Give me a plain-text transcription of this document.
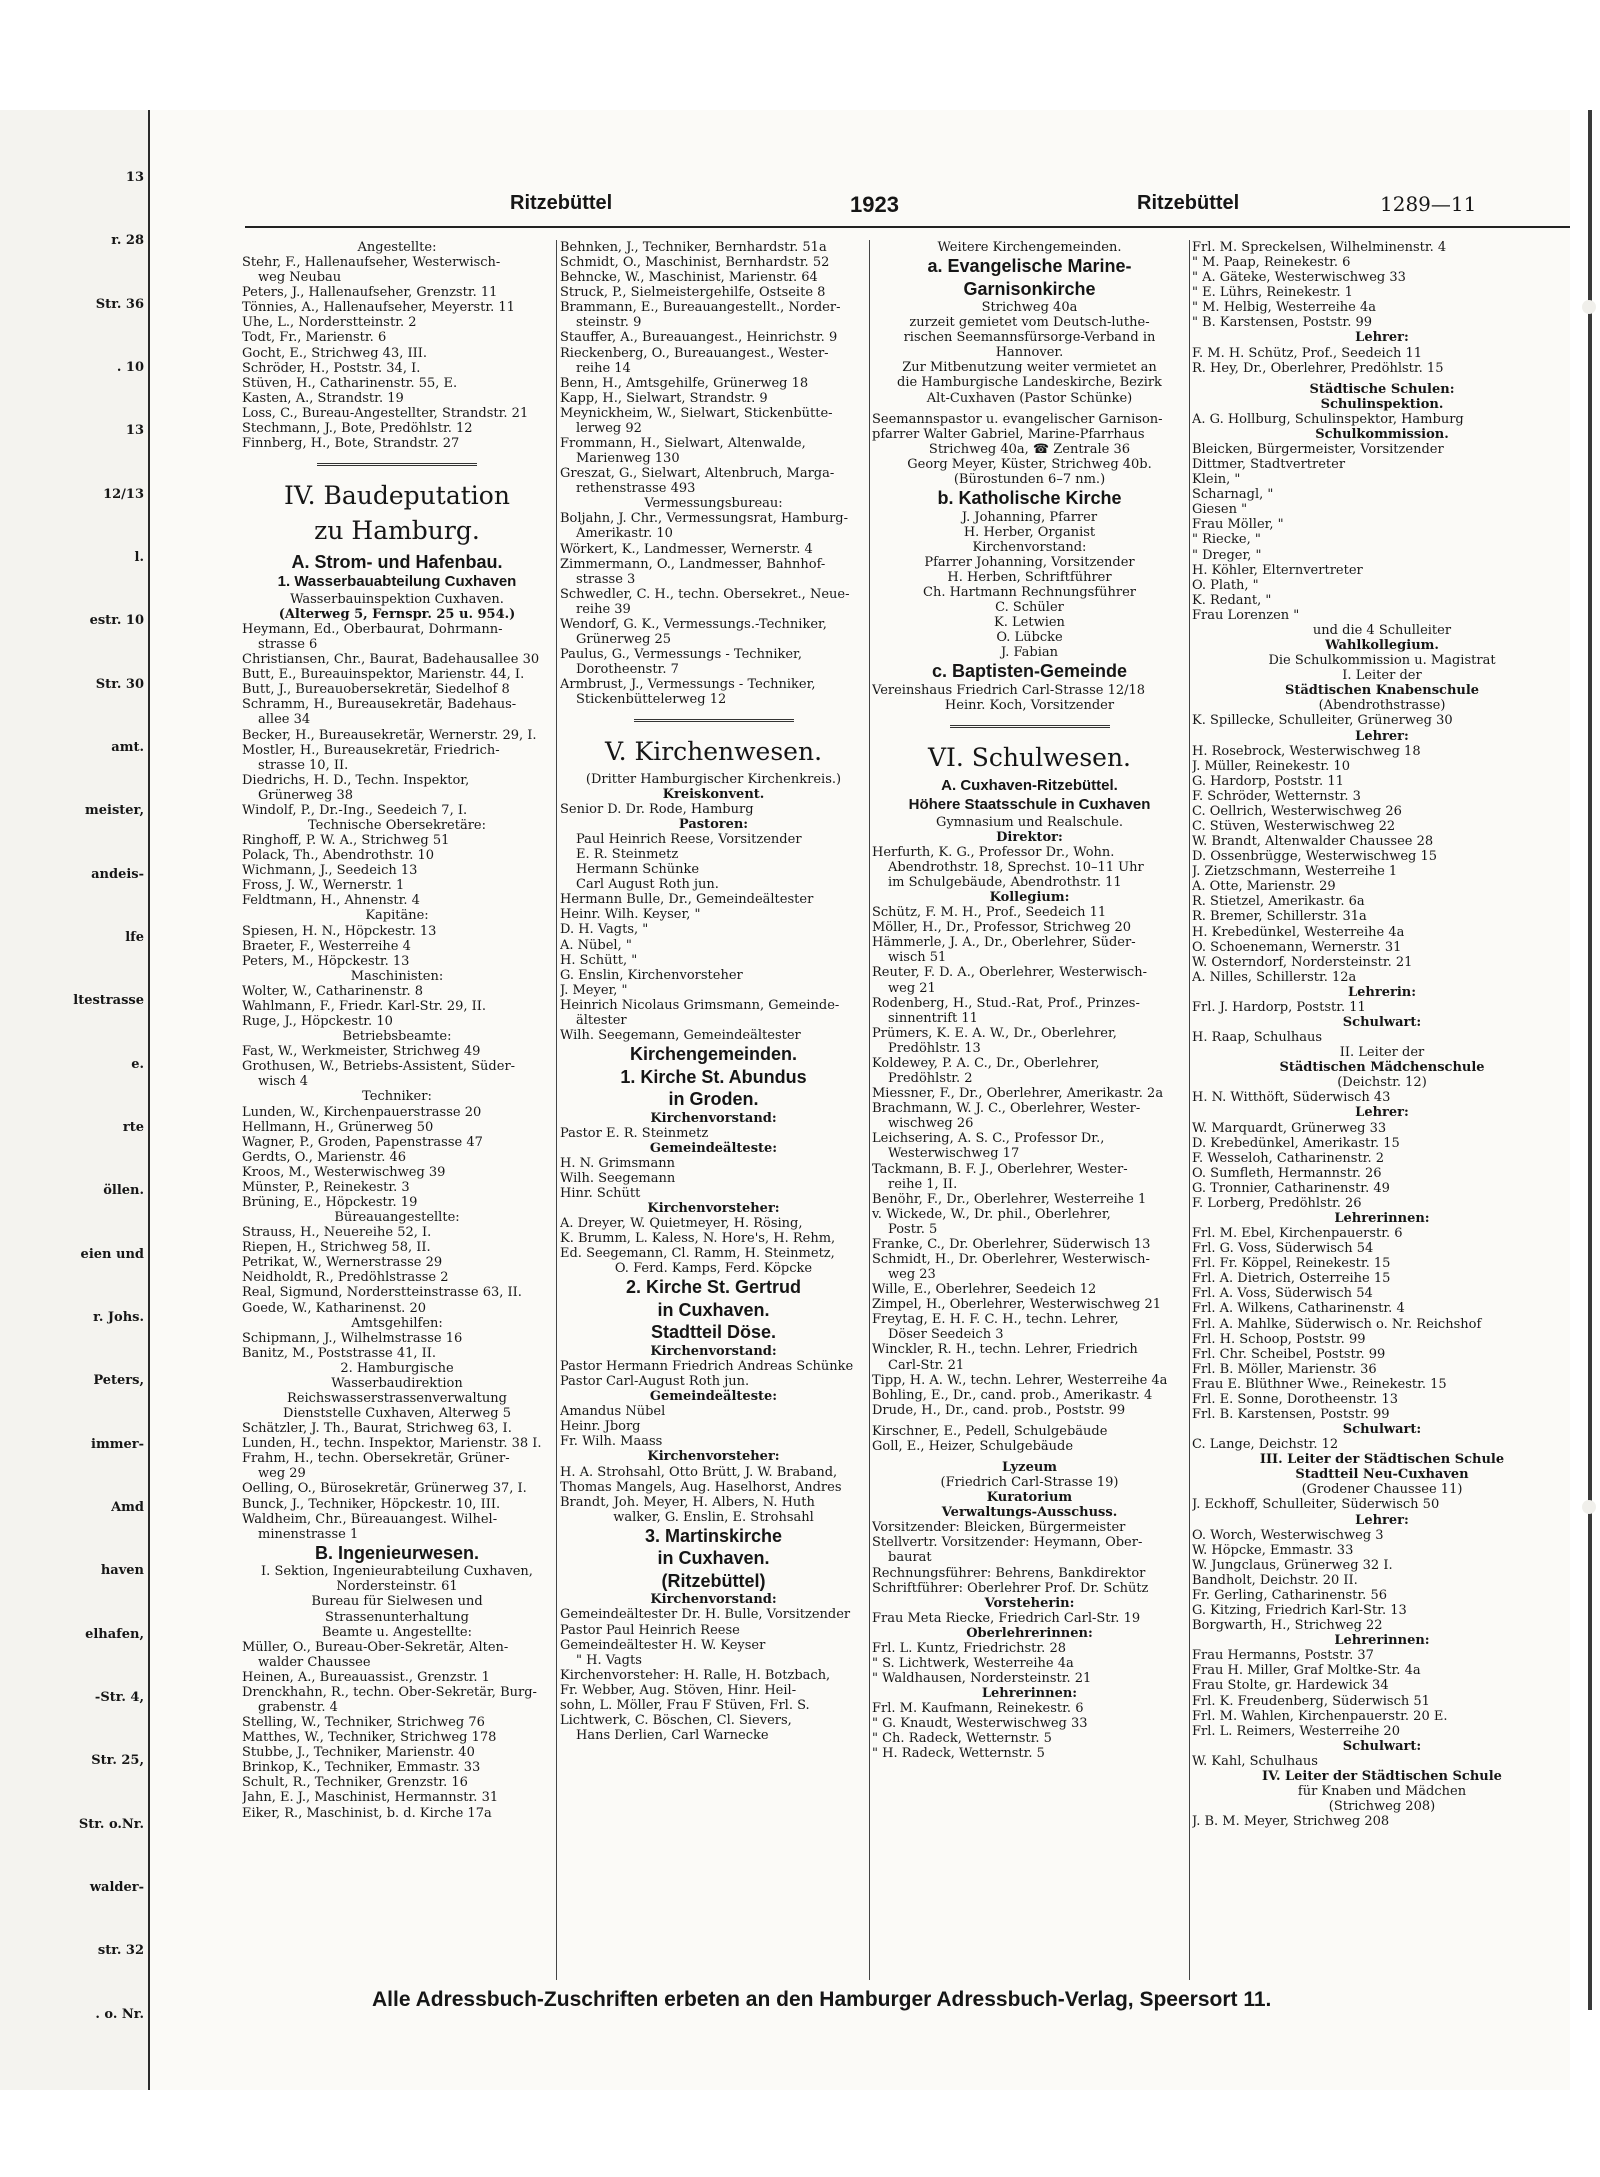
13
r. 28
Str. 36
. 10
13
12/13
l.
estr. 10
Str. 30
amt.
meister,
andeis-
lfe
ltestrasse
e.
rte
öllen.
eien und
r. Johs.
Peters,
immer-
Amd
haven
elhafen,
-Str. 4,
Str. 25,
Str. o.Nr.
walder-
str. 32
. o. Nr.
Ritzebüttel	1923	Ritzebüttel	1289—11
Angestellte:
Stehr, F., Hallenaufseher, Westerwisch-
weg Neubau
Peters, J., Hallenaufseher, Grenzstr. 11
Tönnies, A., Hallenaufseher, Meyerstr. 11
Uhe, L., Norderstteinstr. 2
Todt, Fr., Marienstr. 6
Gocht, E., Strichweg 43, III.
Schröder, H., Poststr. 34, I.
Stüven, H., Catharinenstr. 55, E.
Kasten, A., Strandstr. 19
Loss, C., Bureau-Angestellter, Strandstr. 21
Stechmann, J., Bote, Predöhlstr. 12
Finnberg, H., Bote, Strandstr. 27
IV. Baudeputation
zu Hamburg.
A. Strom- und Hafenbau.
1. Wasserbauabteilung Cuxhaven
Wasserbauinspektion Cuxhaven.
(Alterweg 5, Fernspr. 25 u. 954.)
Heymann, Ed., Oberbaurat, Dohrmann-
strasse 6
Christiansen, Chr., Baurat, Badehausallee 30
Butt, E., Bureauinspektor, Marienstr. 44, I.
Butt, J., Bureauobersekretär, Siedelhof 8
Schramm, H., Bureausekretär, Badehaus-
allee 34
Becker, H., Bureausekretär, Wernerstr. 29, I.
Mostler, H., Bureausekretär, Friedrich-
strasse 10, II.
Diedrichs, H. D., Techn. Inspektor,
Grünerweg 38
Windolf, P., Dr.-Ing., Seedeich 7, I.
Technische Obersekretäre:
Ringhoff, P. W. A., Strichweg 51
Polack, Th., Abendrothstr. 10
Wichmann, J., Seedeich 13
Fross, J. W., Wernerstr. 1
Feldtmann, H., Ahnenstr. 4
Kapitäne:
Spiesen, H. N., Höpckestr. 13
Braeter, F., Westerreihe 4
Peters, M., Höpckestr. 13
Maschinisten:
Wolter, W., Catharinenstr. 8
Wahlmann, F., Friedr. Karl-Str. 29, II.
Ruge, J., Höpckestr. 10
Betriebsbeamte:
Fast, W., Werkmeister, Strichweg 49
Grothusen, W., Betriebs-Assistent, Süder-
wisch 4
Techniker:
Lunden, W., Kirchenpauerstrasse 20
Hellmann, H., Grünerweg 50
Wagner, P., Groden, Papenstrasse 47
Gerdts, O., Marienstr. 46
Kroos, M., Westerwischweg 39
Münster, P., Reinekestr. 3
Brüning, E., Höpckestr. 19
Büreauangestellte:
Strauss, H., Neuereihe 52, I.
Riepen, H., Strichweg 58, II.
Petrikat, W., Wernerstrasse 29
Neidholdt, R., Predöhlstrasse 2
Real, Sigmund, Norderstteinstrasse 63, II.
Goede, W., Katharinenst. 20
Amtsgehilfen:
Schipmann, J., Wilhelmstrasse 16
Banitz, M., Poststrasse 41, II.
2. Hamburgische
Wasserbaudirektion
Reichswasserstrassenverwaltung
Dienststelle Cuxhaven, Alterweg 5
Schätzler, J. Th., Baurat, Strichweg 63, I.
Lunden, H., techn. Inspektor, Marienstr. 38 I.
Frahm, H., techn. Obersekretär, Grüner-
weg 29
Oelling, O., Bürosekretär, Grünerweg 37, I.
Bunck, J., Techniker, Höpckestr. 10, III.
Waldheim, Chr., Büreauangest. Wilhel-
minenstrasse 1
B. Ingenieurwesen.
I. Sektion, Ingenieurabteilung Cuxhaven,
Nordersteinstr. 61
Bureau für Sielwesen und
Strassenunterhaltung
Beamte u. Angestellte:
Müller, O., Bureau-Ober-Sekretär, Alten-
walder Chaussee
Heinen, A., Bureauassist., Grenzstr. 1
Drenckhahn, R., techn. Ober-Sekretär, Burg-
grabenstr. 4
Stelling, W., Techniker, Strichweg 76
Matthes, W., Techniker, Strichweg 178
Stubbe, J., Techniker, Marienstr. 40
Brinkop, K., Techniker, Emmastr. 33
Schult, R., Techniker, Grenzstr. 16
Jahn, E. J., Maschinist, Hermannstr. 31
Eiker, R., Maschinist, b. d. Kirche 17a
Behnken, J., Techniker, Bernhardstr. 51a
Schmidt, O., Maschinist, Bernhardstr. 52
Behncke, W., Maschinist, Marienstr. 64
Struck, P., Sielmeistergehilfe, Ostseite 8
Brammann, E., Bureauangestellt., Norder-
steinstr. 9
Stauffer, A., Bureauangest., Heinrichstr. 9
Rieckenberg, O., Bureauangest., Wester-
reihe 14
Benn, H., Amtsgehilfe, Grünerweg 18
Kapp, H., Sielwart, Strandstr. 9
Meynickheim, W., Sielwart, Stickenbütte-
lerweg 92
Frommann, H., Sielwart, Altenwalde,
Marienweg 130
Greszat, G., Sielwart, Altenbruch, Marga-
rethenstrasse 493
Vermessungsbureau:
Boljahn, J. Chr., Vermessungsrat, Hamburg-
Amerikastr. 10
Wörkert, K., Landmesser, Wernerstr. 4
Zimmermann, O., Landmesser, Bahnhof-
strasse 3
Schwedler, C. H., techn. Obersekret., Neue-
reihe 39
Wendorf, G. K., Vermessungs.-Techniker,
Grünerweg 25
Paulus, G., Vermessungs - Techniker,
Dorotheenstr. 7
Armbrust, J., Vermessungs - Techniker,
Stickenbüttelerweg 12
V. Kirchenwesen.
(Dritter Hamburgischer Kirchenkreis.)
Kreiskonvent.
Senior D. Dr. Rode, Hamburg
Pastoren:
Paul Heinrich Reese, Vorsitzender
E. R. Steinmetz
Hermann Schünke
Carl August Roth jun.
Hermann Bulle, Dr., Gemeindeältester
Heinr. Wilh. Keyser, "
D. H. Vagts, "
A. Nübel, "
H. Schütt, "
G. Enslin, Kirchenvorsteher
J. Meyer, "
Heinrich Nicolaus Grimsmann, Gemeinde-
ältester
Wilh. Seegemann, Gemeindeältester
Kirchengemeinden.
1. Kirche St. Abundus
in Groden.
Kirchenvorstand:
Pastor E. R. Steinmetz
Gemeindeälteste:
H. N. Grimsmann
Wilh. Seegemann
Hinr. Schütt
Kirchenvorsteher:
A. Dreyer, W. Quietmeyer, H. Rösing,
K. Brumm, L. Kaless, N. Hore's, H. Rehm,
Ed. Seegemann, Cl. Ramm, H. Steinmetz,
O. Ferd. Kamps, Ferd. Köpcke
2. Kirche St. Gertrud
in Cuxhaven.
Stadtteil Döse.
Kirchenvorstand:
Pastor Hermann Friedrich Andreas Schünke
Pastor Carl-August Roth jun.
Gemeindeälteste:
Amandus Nübel
Heinr. Jborg
Fr. Wilh. Maass
Kirchenvorsteher:
H. A. Strohsahl, Otto Brütt, J. W. Braband,
Thomas Mangels, Aug. Haselhorst, Andres
Brandt, Joh. Meyer, H. Albers, N. Huth
walker, G. Enslin, E. Strohsahl
3. Martinskirche
in Cuxhaven.
(Ritzebüttel)
Kirchenvorstand:
Gemeindeältester Dr. H. Bulle, Vorsitzender
Pastor Paul Heinrich Reese
Gemeindeältester H. W. Keyser
" H. Vagts
Kirchenvorsteher: H. Ralle, H. Botzbach,
Fr. Webber, Aug. Stöven, Hinr. Heil-
sohn, L. Möller, Frau F Stüven, Frl. S.
Lichtwerk, C. Böschen, Cl. Sievers,
Hans Derlien, Carl Warnecke
Weitere Kirchengemeinden.
a. Evangelische Marine-
Garnisonkirche
Strichweg 40a
zurzeit gemietet vom Deutsch-luthe-
rischen Seemannsfürsorge-Verband in
Hannover.
Zur Mitbenutzung weiter vermietet an
die Hamburgische Landeskirche, Bezirk
Alt-Cuxhaven (Pastor Schünke)
Seemannspastor u. evangelischer Garnison-
pfarrer Walter Gabriel, Marine-Pfarrhaus
Strichweg 40a, ☎ Zentrale 36
Georg Meyer, Küster, Strichweg 40b.
(Bürostunden 6–7 nm.)
b. Katholische Kirche
J. Johanning, Pfarrer
H. Herber, Organist
Kirchenvorstand:
Pfarrer Johanning, Vorsitzender
H. Herben, Schriftführer
Ch. Hartmann Rechnungsführer
C. Schüler
K. Letwien
O. Lübcke
J. Fabian
c. Baptisten-Gemeinde
Vereinshaus Friedrich Carl-Strasse 12/18
Heinr. Koch, Vorsitzender
VI. Schulwesen.
A. Cuxhaven-Ritzebüttel.
Höhere Staatsschule in Cuxhaven
Gymnasium und Realschule.
Direktor:
Herfurth, K. G., Professor Dr., Wohn.
Abendrothstr. 18, Sprechst. 10–11 Uhr
im Schulgebäude, Abendrothstr. 11
Kollegium:
Schütz, F. M. H., Prof., Seedeich 11
Möller, H., Dr., Professor, Strichweg 20
Hämmerle, J. A., Dr., Oberlehrer, Süder-
wisch 51
Reuter, F. D. A., Oberlehrer, Westerwisch-
weg 21
Rodenberg, H., Stud.-Rat, Prof., Prinzes-
sinnentrift 11
Prümers, K. E. A. W., Dr., Oberlehrer,
Predöhlstr. 13
Koldewey, P. A. C., Dr., Oberlehrer,
Predöhlstr. 2
Miessner, F., Dr., Oberlehrer, Amerikastr. 2a
Brachmann, W. J. C., Oberlehrer, Wester-
wischweg 26
Leichsering, A. S. C., Professor Dr.,
Westerwischweg 17
Tackmann, B. F. J., Oberlehrer, Wester-
reihe 1, II.
Benöhr, F., Dr., Oberlehrer, Westerreihe 1
v. Wickede, W., Dr. phil., Oberlehrer,
Postr. 5
Franke, C., Dr. Oberlehrer, Süderwisch 13
Schmidt, H., Dr. Oberlehrer, Westerwisch-
weg 23
Wille, E., Oberlehrer, Seedeich 12
Zimpel, H., Oberlehrer, Westerwischweg 21
Freytag, E. H. F. C. H., techn. Lehrer,
Döser Seedeich 3
Winckler, R. H., techn. Lehrer, Friedrich
Carl-Str. 21
Tipp, H. A. W., techn. Lehrer, Westerreihe 4a
Bohling, E., Dr., cand. prob., Amerikastr. 4
Drude, H., Dr., cand. prob., Poststr. 99
Kirschner, E., Pedell, Schulgebäude
Goll, E., Heizer, Schulgebäude
Lyzeum
(Friedrich Carl-Strasse 19)
Kuratorium
Verwaltungs-Ausschuss.
Vorsitzender: Bleicken, Bürgermeister
Stellvertr. Vorsitzender: Heymann, Ober-
baurat
Rechnungsführer: Behrens, Bankdirektor
Schriftführer: Oberlehrer Prof. Dr. Schütz
Vorsteherin:
Frau Meta Riecke, Friedrich Carl-Str. 19
Oberlehrerinnen:
Frl. L. Kuntz, Friedrichstr. 28
" S. Lichtwerk, Westerreihe 4a
" Waldhausen, Nordersteinstr. 21
Lehrerinnen:
Frl. M. Kaufmann, Reinekestr. 6
" G. Knaudt, Westerwischweg 33
" Ch. Radeck, Wetternstr. 5
" H. Radeck, Wetternstr. 5
Frl. M. Spreckelsen, Wilhelminenstr. 4
" M. Paap, Reinekestr. 6
" A. Gäteke, Westerwischweg 33
" E. Lührs, Reinekestr. 1
" M. Helbig, Westerreihe 4a
" B. Karstensen, Poststr. 99
Lehrer:
F. M. H. Schütz, Prof., Seedeich 11
R. Hey, Dr., Oberlehrer, Predöhlstr. 15
Städtische Schulen:
Schulinspektion.
A. G. Hollburg, Schulinspektor, Hamburg
Schulkommission.
Bleicken, Bürgermeister, Vorsitzender
Dittmer, Stadtvertreter
Klein, "
Scharnagl, "
Giesen "
Frau Möller, "
" Riecke, "
" Dreger, "
H. Köhler, Elternvertreter
O. Plath, "
K. Redant, "
Frau Lorenzen "
und die 4 Schulleiter
Wahlkollegium.
Die Schulkommission u. Magistrat
I. Leiter der
Städtischen Knabenschule
(Abendrothstrasse)
K. Spillecke, Schulleiter, Grünerweg 30
Lehrer:
H. Rosebrock, Westerwischweg 18
J. Müller, Reinekestr. 10
G. Hardorp, Poststr. 11
F. Schröder, Wetternstr. 3
C. Oellrich, Westerwischweg 26
C. Stüven, Westerwischweg 22
W. Brandt, Altenwalder Chaussee 28
D. Ossenbrügge, Westerwischweg 15
J. Zietzschmann, Westerreihe 1
A. Otte, Marienstr. 29
R. Stietzel, Amerikastr. 6a
R. Bremer, Schillerstr. 31a
H. Krebedünkel, Westerreihe 4a
O. Schoenemann, Wernerstr. 31
W. Osterndorf, Nordersteinstr. 21
A. Nilles, Schillerstr. 12a
Lehrerin:
Frl. J. Hardorp, Poststr. 11
Schulwart:
H. Raap, Schulhaus
II. Leiter der
Städtischen Mädchenschule
(Deichstr. 12)
H. N. Witthöft, Süderwisch 43
Lehrer:
W. Marquardt, Grünerweg 33
D. Krebedünkel, Amerikastr. 15
F. Wesseloh, Catharinenstr. 2
O. Sumfleth, Hermannstr. 26
G. Tronnier, Catharinenstr. 49
F. Lorberg, Predöhlstr. 26
Lehrerinnen:
Frl. M. Ebel, Kirchenpauerstr. 6
Frl. G. Voss, Süderwisch 54
Frl. Fr. Köppel, Reinekestr. 15
Frl. A. Dietrich, Osterreihe 15
Frl. A. Voss, Süderwisch 54
Frl. A. Wilkens, Catharinenstr. 4
Frl. A. Mahlke, Süderwisch o. Nr. Reichshof
Frl. H. Schoop, Poststr. 99
Frl. Chr. Scheibel, Poststr. 99
Frl. B. Möller, Marienstr. 36
Frau E. Blüthner Wwe., Reinekestr. 15
Frl. E. Sonne, Dorotheenstr. 13
Frl. B. Karstensen, Poststr. 99
Schulwart:
C. Lange, Deichstr. 12
III. Leiter der Städtischen Schule
Stadtteil Neu-Cuxhaven
(Grodener Chaussee 11)
J. Eckhoff, Schulleiter, Süderwisch 50
Lehrer:
O. Worch, Westerwischweg 3
W. Höpcke, Emmastr. 33
W. Jungclaus, Grünerweg 32 I.
Bandholt, Deichstr. 20 II.
Fr. Gerling, Catharinenstr. 56
G. Kitzing, Friedrich Karl-Str. 13
Borgwarth, H., Strichweg 22
Lehrerinnen:
Frau Hermanns, Poststr. 37
Frau H. Miller, Graf Moltke-Str. 4a
Frau Stolte, gr. Hardewick 34
Frl. K. Freudenberg, Süderwisch 51
Frl. M. Wahlen, Kirchenpauerstr. 20 E.
Frl. L. Reimers, Westerreihe 20
Schulwart:
W. Kahl, Schulhaus
IV. Leiter der Städtischen Schule
für Knaben und Mädchen
(Strichweg 208)
J. B. M. Meyer, Strichweg 208
Alle Adressbuch-Zuschriften erbeten an den Hamburger Adressbuch-Verlag, Speersort 11.
